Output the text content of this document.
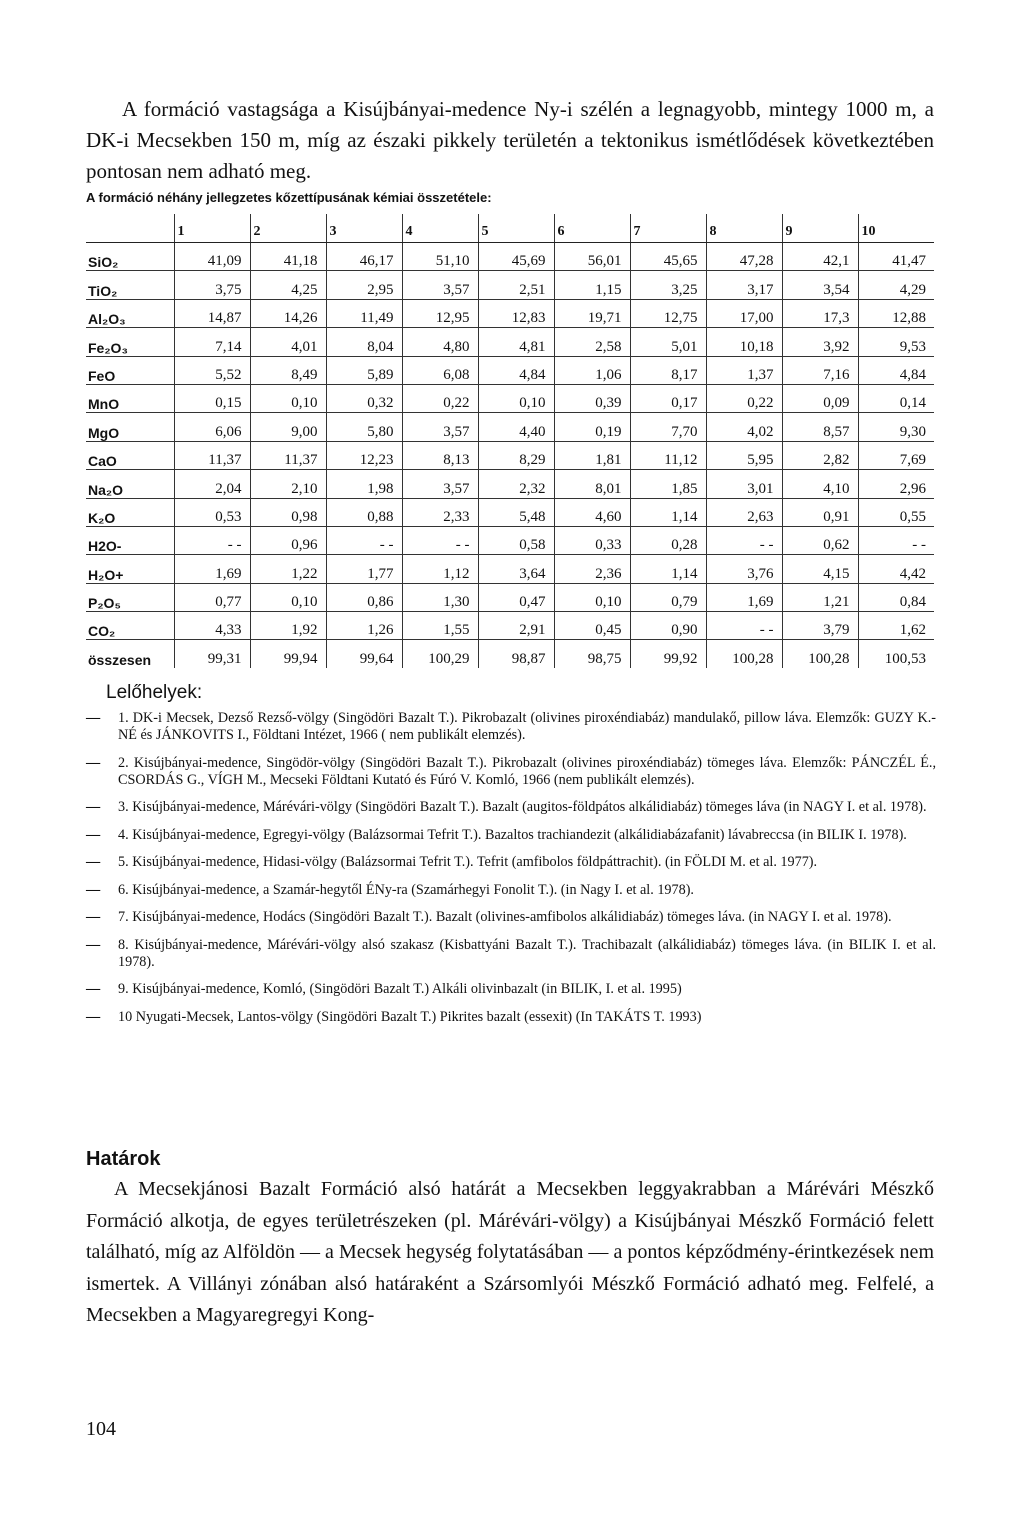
A formáció vastagsága a Kisújbányai-medence Ny-i szélén a legnagyobb, mintegy 1000 m, a DK-i Mecsekben 150 m, míg az északi pikkely területén a tektonikus ismétlődések következtében pontosan nem adható meg.

A formáció néhány jellegzetes kőzettípusának kémiai összetétele:

	1	2	3	4	5	6	7	8	9	10
SiO₂	41,09	41,18	46,17	51,10	45,69	56,01	45,65	47,28	42,1	41,47
TiO₂	3,75	4,25	2,95	3,57	2,51	1,15	3,25	3,17	3,54	4,29
Al₂O₃	14,87	14,26	11,49	12,95	12,83	19,71	12,75	17,00	17,3	12,88
Fe₂O₃	7,14	4,01	8,04	4,80	4,81	2,58	5,01	10,18	3,92	9,53
FeO	5,52	8,49	5,89	6,08	4,84	1,06	8,17	1,37	7,16	4,84
MnO	0,15	0,10	0,32	0,22	0,10	0,39	0,17	0,22	0,09	0,14
MgO	6,06	9,00	5,80	3,57	4,40	0,19	7,70	4,02	8,57	9,30
CaO	11,37	11,37	12,23	8,13	8,29	1,81	11,12	5,95	2,82	7,69
Na₂O	2,04	2,10	1,98	3,57	2,32	8,01	1,85	3,01	4,10	2,96
K₂O	0,53	0,98	0,88	2,33	5,48	4,60	1,14	2,63	0,91	0,55
H2O-	- -	0,96	- -	- -	0,58	0,33	0,28	- -	0,62	- -
H₂O+	1,69	1,22	1,77	1,12	3,64	2,36	1,14	3,76	4,15	4,42
P₂O₅	0,77	0,10	0,86	1,30	0,47	0,10	0,79	1,69	1,21	0,84
CO₂	4,33	1,92	1,26	1,55	2,91	0,45	0,90	- -	3,79	1,62
összesen	99,31	99,94	99,64	100,29	98,87	98,75	99,92	100,28	100,28	100,53
Lelőhelyek:
—	1. DK-i Mecsek, Dezső Rezső-völgy (Singödöri Bazalt T.). Pikrobazalt (olivines piroxéndiabáz) mandulakő, pillow láva. Elemzők: GUZY K.-NÉ és JÁNKOVITS I., Földtani Intézet, 1966 ( nem publikált elemzés).
—	2. Kisújbányai-medence, Singödör-völgy (Singödöri Bazalt T.). Pikrobazalt (olivines piroxéndiabáz) tömeges láva. Elemzők: PÁNCZÉL É., CSORDÁS G., VÍGH M., Mecseki Földtani Kutató és Fúró V. Komló, 1966 (nem publikált elemzés).
—	3. Kisújbányai-medence, Márévári-völgy (Singödöri Bazalt T.). Bazalt (augitos-földpátos alkálidiabáz) tömeges láva (in NAGY I. et al. 1978).
—	4. Kisújbányai-medence, Egregyi-völgy (Balázsormai Tefrit T.). Bazaltos trachiandezit (alkálidiabázafanit) lávabreccsa (in BILIK I. 1978).
—	5. Kisújbányai-medence, Hidasi-völgy (Balázsormai Tefrit T.). Tefrit (amfibolos földpáttrachit). (in FÖLDI M. et al. 1977).
—	6. Kisújbányai-medence, a Szamár-hegytől ÉNy-ra (Szamárhegyi Fonolit T.). (in Nagy I. et al. 1978).
—	7. Kisújbányai-medence, Hodács (Singödöri Bazalt T.). Bazalt (olivines-amfibolos alkálidiabáz) tömeges láva. (in NAGY I. et al. 1978).
—	8. Kisújbányai-medence, Márévári-völgy alsó szakasz (Kisbattyáni Bazalt T.). Trachibazalt (alkálidiabáz) tömeges láva. (in BILIK I. et al. 1978).
—	9. Kisújbányai-medence, Komló, (Singödöri Bazalt T.) Alkáli olivinbazalt (in BILIK, I. et al. 1995)
—	10 Nyugati-Mecsek, Lantos-völgy (Singödöri Bazalt T.) Pikrites bazalt (essexit) (In TAKÁTS T. 1993)
Határok

A Mecsekjánosi Bazalt Formáció alsó határát a Mecsekben leggyakrabban a Márévári Mészkő Formáció alkotja, de egyes területrészeken (pl. Márévári-völgy) a Kisújbányai Mészkő Formáció felett található, míg az Alföldön — a Mecsek hegység folytatásában — a pontos képződmény-érintkezések nem ismertek. A Villányi zónában alsó határaként a Szársomlyói Mészkő Formáció adható meg. Felfelé, a Mecsekben a Magyaregregyi Kong-

104
